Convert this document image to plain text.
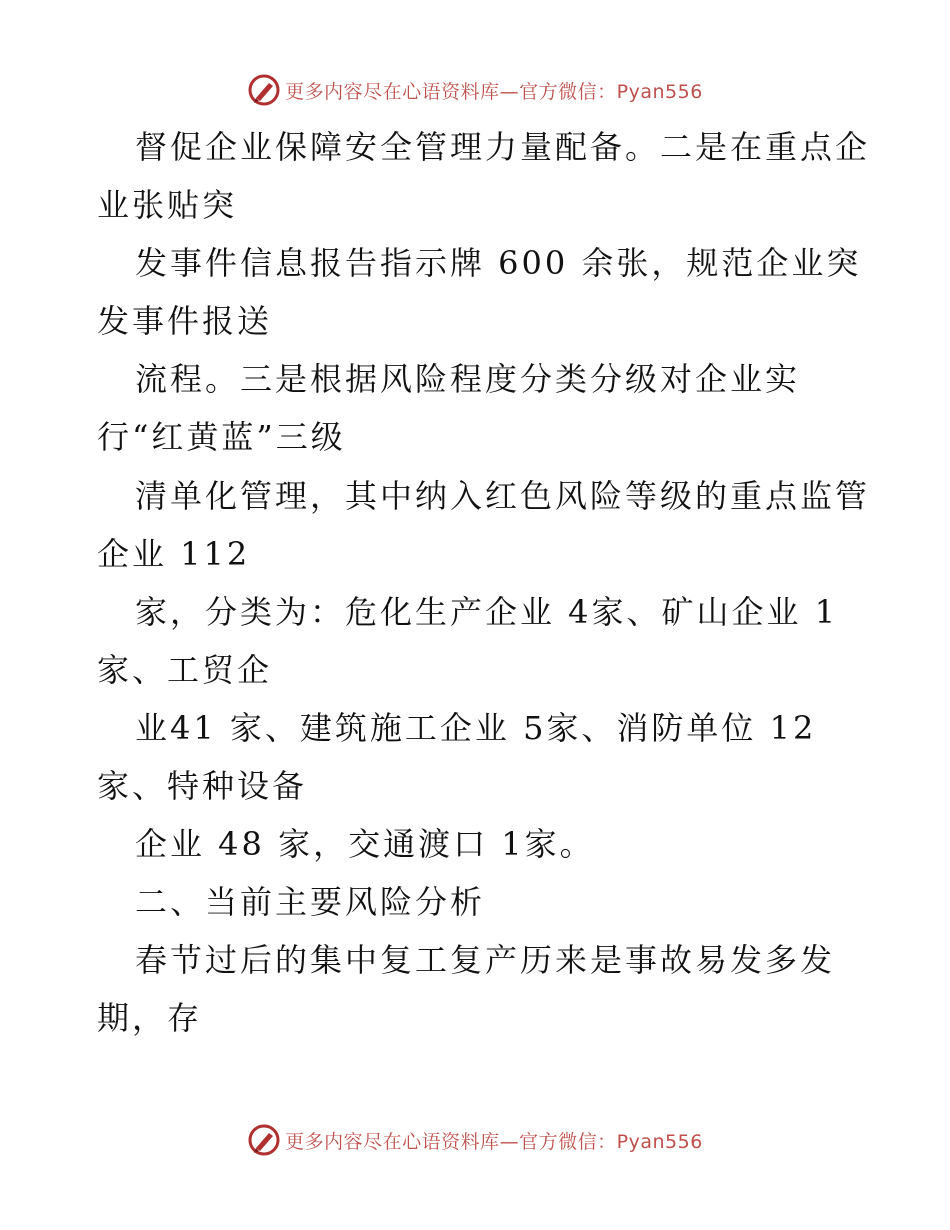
更多内容尽在心语资料库—官方微信：Pyan556
督促企业保障安全管理力量配备。二是在重点企
业张贴突
发事件信息报告指示牌 600 余张，规范企业突
发事件报送
流程。三是根据风险程度分类分级对企业实
行“红黄蓝”三级
清单化管理，其中纳入红色风险等级的重点监管
企业 112
家，分类为：危化生产企业 4家、矿山企业 1
家、工贸企
业41 家、建筑施工企业 5家、消防单位 12
家、特种设备
企业 48 家，交通渡口 1家。
二、当前主要风险分析
春节过后的集中复工复产历来是事故易发多发
期，存
更多内容尽在心语资料库—官方微信：Pyan556
